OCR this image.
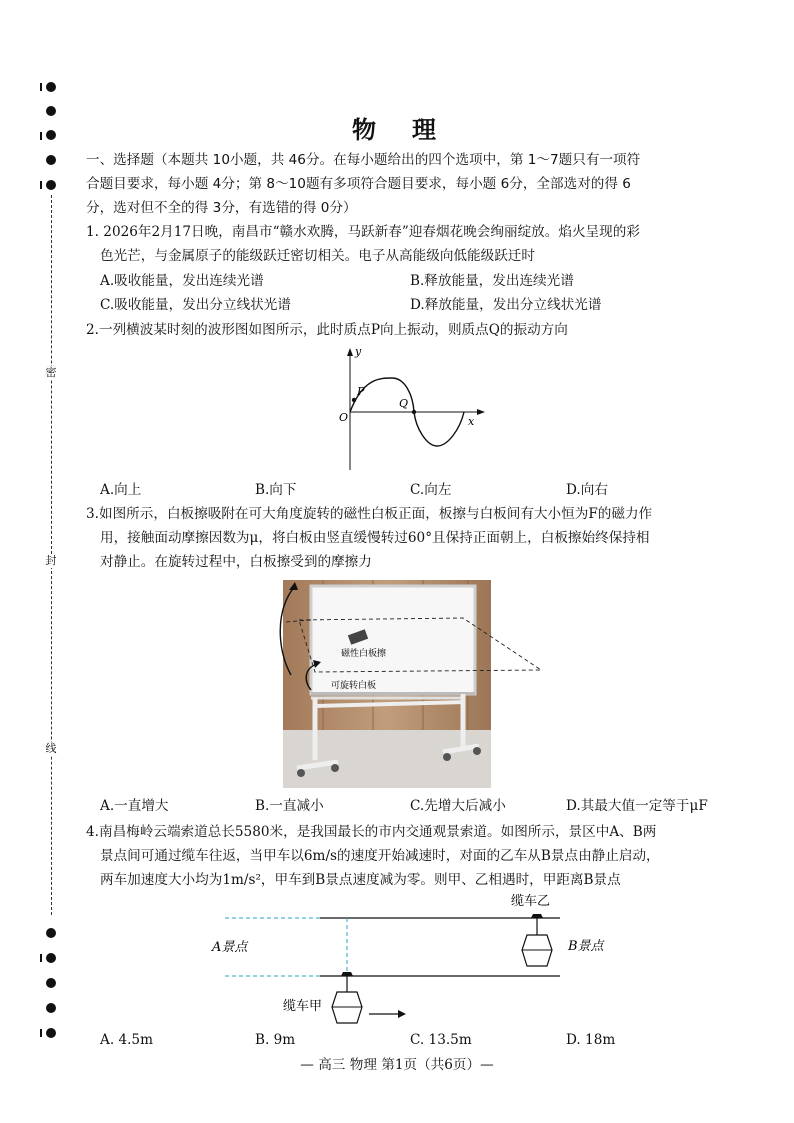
密
封
线
物　理
一、选择题（本题共 10小题，共 46分。在每小题给出的四个选项中，第 1～7题只有一项符
合题目要求，每小题 4分；第 8～10题有多项符合题目要求，每小题 6分，全部选对的得 6
分，选对但不全的得 3分，有选错的得 0分）
1. 2026年2月17日晚，南昌市“赣水欢腾，马跃新春”迎春烟花晚会绚丽绽放。焰火呈现的彩
色光芒，与金属原子的能级跃迁密切相关。电子从高能级向低能级跃迁时
A.吸收能量，发出连续光谱	B.释放能量，发出连续光谱
C.吸收能量，发出分立线状光谱	D.释放能量，发出分立线状光谱
2.一列横波某时刻的波形图如图所示，此时质点P向上振动，则质点Q的振动方向
y
x
O
P
Q
A.向上	B.向下	C.向左	D.向右
3.如图所示，白板擦吸附在可大角度旋转的磁性白板正面，板擦与白板间有大小恒为F的磁力作
用，接触面动摩擦因数为μ，将白板由竖直缓慢转过60°且保持正面朝上，白板擦始终保持相
对静止。在旋转过程中，白板擦受到的摩擦力
磁性白板擦
可旋转白板
A.一直增大	B.一直减小	C.先增大后减小	D.其最大值一定等于μF
4.南昌梅岭云端索道总长5580米，是我国最长的市内交通观景索道。如图所示，景区中A、B两
景点间可通过缆车往返，当甲车以6m/s的速度开始减速时，对面的乙车从B景点由静止启动，
两车加速度大小均为1m/s²，甲车到B景点速度减为零。则甲、乙相遇时，甲距离B景点
缆车乙
缆车甲
A景点	B景点
A. 4.5m	B. 9m	C. 13.5m	D. 18m
— 高三 物理 第1页（共6页）—
